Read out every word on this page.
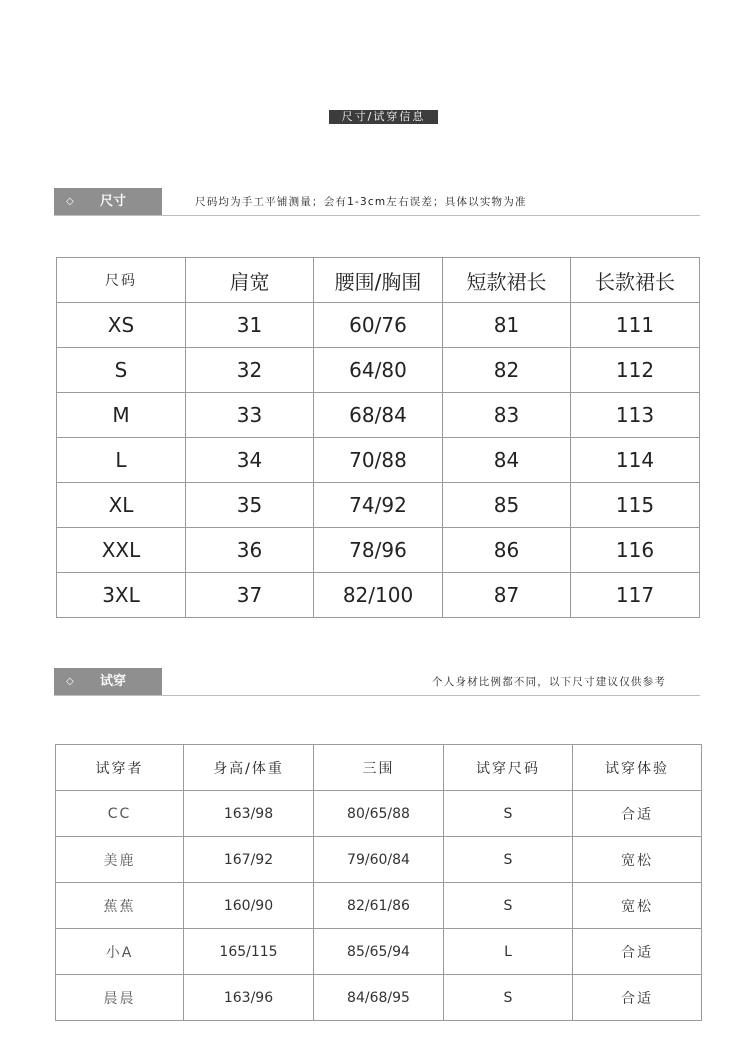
尺寸/试穿信息
◇ 尺寸	尺码均为手工平铺测量；会有1-3cm左右误差；具体以实物为准
尺码	肩宽	腰围/胸围	短款裙长	长款裙长
XS	31	60/76	81	111
S	32	64/80	82	112
M	33	68/84	83	113
L	34	70/88	84	114
XL	35	74/92	85	115
XXL	36	78/96	86	116
3XL	37	82/100	87	117
◇ 试穿	个人身材比例都不同，以下尺寸建议仅供参考
试穿者	身高/体重	三围	试穿尺码	试穿体验
CC	163/98	80/65/88	S	合适
美鹿	167/92	79/60/84	S	宽松
蕉蕉	160/90	82/61/86	S	宽松
小A	165/115	85/65/94	L	合适
晨晨	163/96	84/68/95	S	合适
